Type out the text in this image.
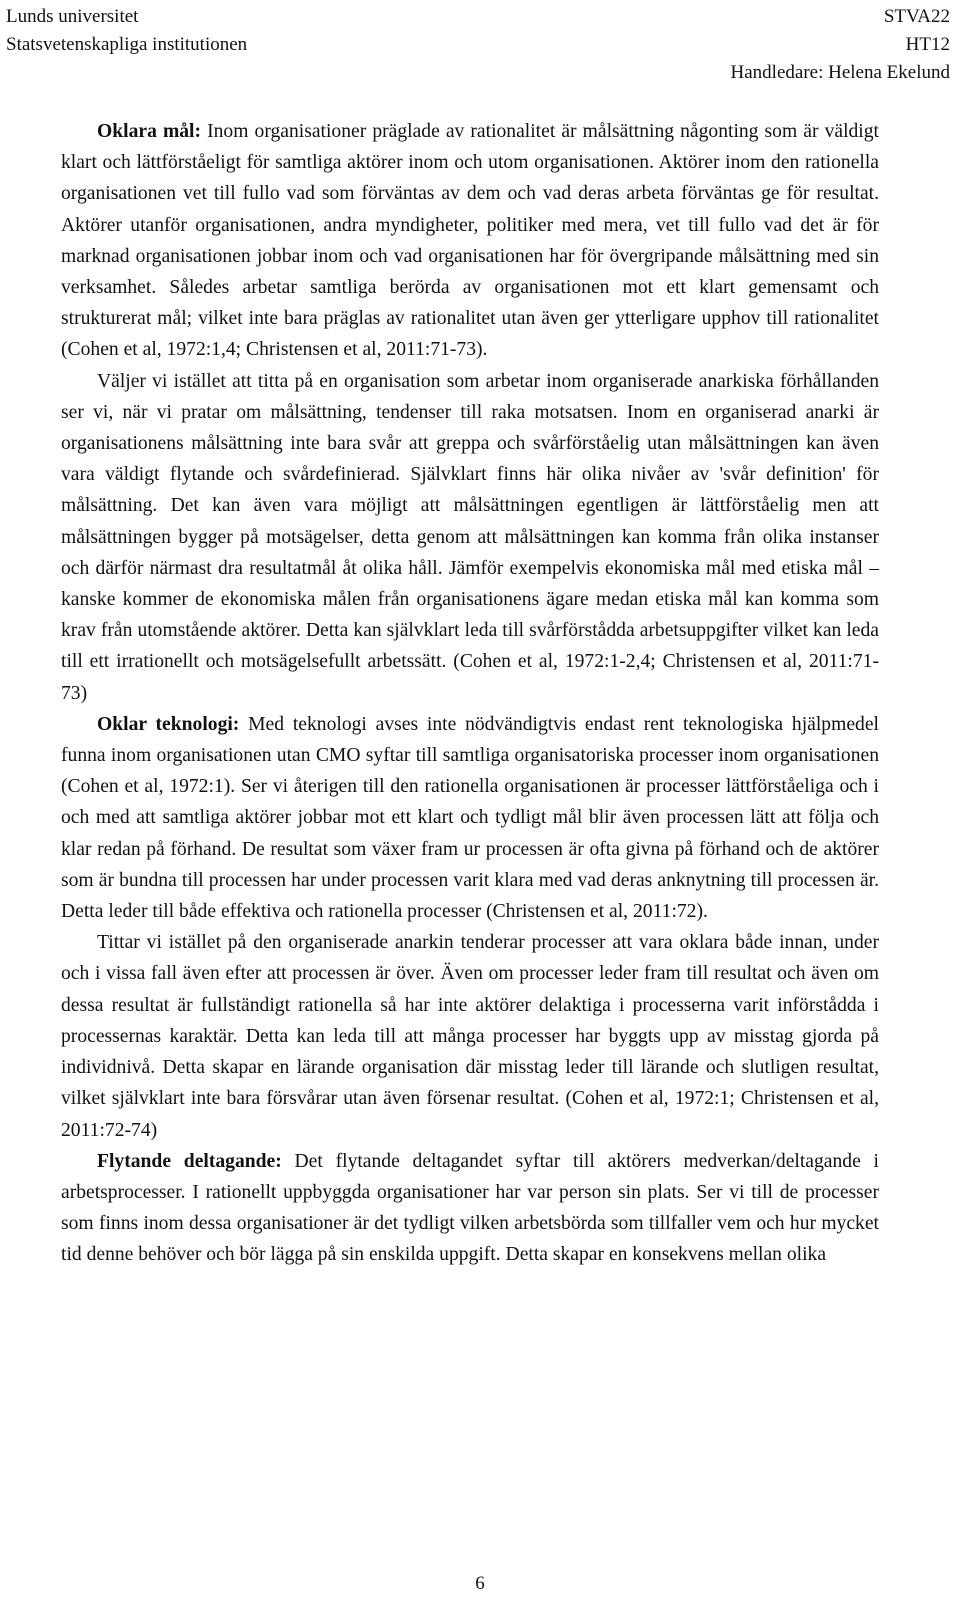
Lunds universitet
Statsvetenskapliga institutionen
STVA22
HT12
Handledare: Helena Ekelund

Oklara mål: Inom organisationer präglade av rationalitet är målsättning någonting som är väldigt klart och lättförståeligt för samtliga aktörer inom och utom organisationen. Aktörer inom den rationella organisationen vet till fullo vad som förväntas av dem och vad deras arbeta förväntas ge för resultat. Aktörer utanför organisationen, andra myndigheter, politiker med mera, vet till fullo vad det är för marknad organisationen jobbar inom och vad organisationen har för övergripande målsättning med sin verksamhet. Således arbetar samtliga berörda av organisationen mot ett klart gemensamt och strukturerat mål; vilket inte bara präglas av rationalitet utan även ger ytterligare upphov till rationalitet (Cohen et al, 1972:1,4; Christensen et al, 2011:71-73).

Väljer vi istället att titta på en organisation som arbetar inom organiserade anarkiska förhållanden ser vi, när vi pratar om målsättning, tendenser till raka motsatsen. Inom en organiserad anarki är organisationens målsättning inte bara svår att greppa och svårförståelig utan målsättningen kan även vara väldigt flytande och svårdefinierad. Självklart finns här olika nivåer av 'svår definition' för målsättning. Det kan även vara möjligt att målsättningen egentligen är lättförståelig men att målsättningen bygger på motsägelser, detta genom att målsättningen kan komma från olika instanser och därför närmast dra resultatmål åt olika håll. Jämför exempelvis ekonomiska mål med etiska mål – kanske kommer de ekonomiska målen från organisationens ägare medan etiska mål kan komma som krav från utomstående aktörer. Detta kan självklart leda till svårförstådda arbetsuppgifter vilket kan leda till ett irrationellt och motsägelsefullt arbetssätt. (Cohen et al, 1972:1-2,4; Christensen et al, 2011:71-73)

Oklar teknologi: Med teknologi avses inte nödvändigtvis endast rent teknologiska hjälpmedel funna inom organisationen utan CMO syftar till samtliga organisatoriska processer inom organisationen (Cohen et al, 1972:1). Ser vi återigen till den rationella organisationen är processer lättförståeliga och i och med att samtliga aktörer jobbar mot ett klart och tydligt mål blir även processen lätt att följa och klar redan på förhand. De resultat som växer fram ur processen är ofta givna på förhand och de aktörer som är bundna till processen har under processen varit klara med vad deras anknytning till processen är. Detta leder till både effektiva och rationella processer (Christensen et al, 2011:72).

Tittar vi istället på den organiserade anarkin tenderar processer att vara oklara både innan, under och i vissa fall även efter att processen är över. Även om processer leder fram till resultat och även om dessa resultat är fullständigt rationella så har inte aktörer delaktiga i processerna varit införstådda i processernas karaktär. Detta kan leda till att många processer har byggts upp av misstag gjorda på individnivå. Detta skapar en lärande organisation där misstag leder till lärande och slutligen resultat, vilket självklart inte bara försvårar utan även försenar resultat. (Cohen et al, 1972:1; Christensen et al, 2011:72-74)

Flytande deltagande: Det flytande deltagandet syftar till aktörers medverkan/deltagande i arbetsprocesser. I rationellt uppbyggda organisationer har var person sin plats. Ser vi till de processer som finns inom dessa organisationer är det tydligt vilken arbetsbörda som tillfaller vem och hur mycket tid denne behöver och bör lägga på sin enskilda uppgift. Detta skapar en konsekvens mellan olika

6
